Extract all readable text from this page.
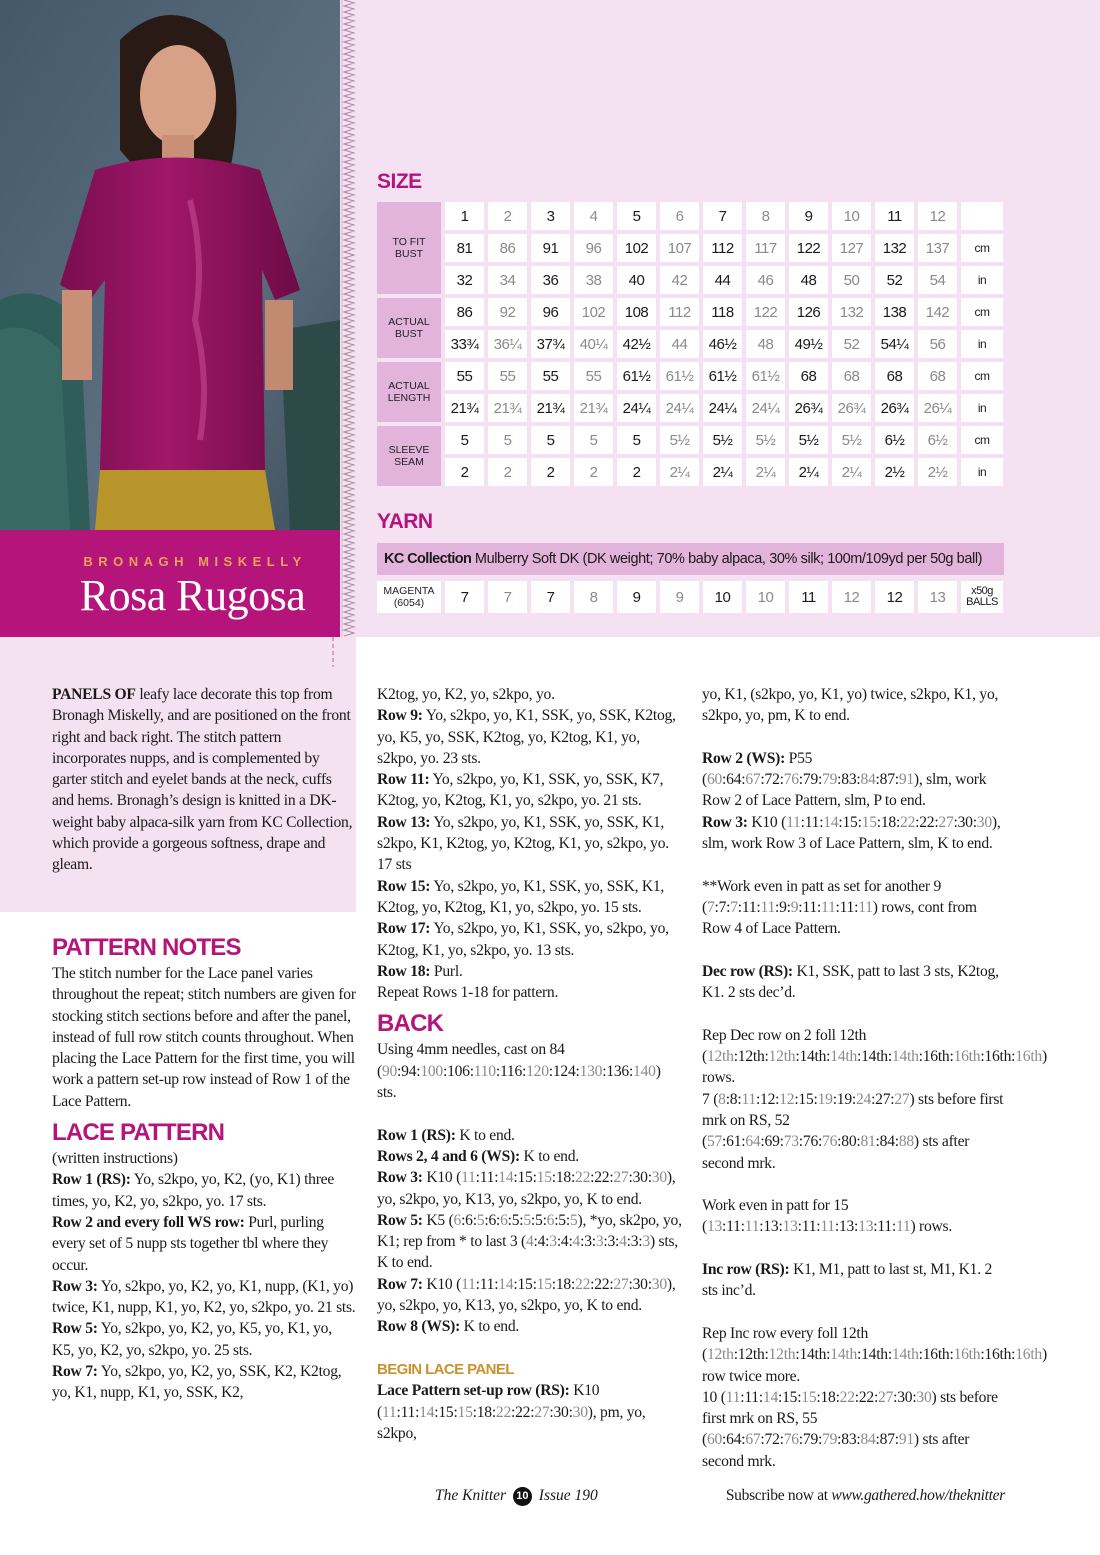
BRONAGH MISKELLY
Rosa Rugosa
SIZE
TO FIT BUST
1	2	3	4	5	6	7	8	9	10	11	12
81	86	91	96	102	107	112	117	122	127	132	137	cm
32	34	36	38	40	42	44	46	48	50	52	54	in
ACTUAL BUST
86	92	96	102	108	112	118	122	126	132	138	142	cm
33¾	36¼	37¾	40¼	42½	44	46½	48	49½	52	54¼	56	in
ACTUAL LENGTH
55	55	55	55	61½	61½	61½	61½	68	68	68	68	cm
21¾	21¾	21¾	21¾	24¼	24¼	24¼	24¼	26¾	26¾	26¾	26¼	in
SLEEVE SEAM
5	5	5	5	5	5½	5½	5½	5½	5½	6½	6½	cm
2	2	2	2	2	2¼	2¼	2¼	2¼	2¼	2½	2½	in
YARN
KC Collection Mulberry Soft DK (DK weight; 70% baby alpaca, 30% silk; 100m/109yd per 50g ball)
MAGENTA (6054)	7	7	7	8	9	9	10	10	11	12	12	13	x50g BALLS

PANELS OF leafy lace decorate this top from Bronagh Miskelly, and are positioned on the front right and back right. The stitch pattern incorporates nupps, and is complemented by garter stitch and eyelet bands at the neck, cuffs and hems. Bronagh’s design is knitted in a DK-weight baby alpaca-silk yarn from KC Collection, which provide a gorgeous softness, drape and gleam.

PATTERN NOTES

The stitch number for the Lace panel varies throughout the repeat; stitch numbers are given for stocking stitch sections before and after the panel, instead of full row stitch counts throughout. When placing the Lace Pattern for the first time, you will work a pattern set-up row instead of Row 1 of the Lace Pattern.

LACE PATTERN

(written instructions)

Row 1 (RS): Yo, s2kpo, yo, K2, (yo, K1) three times, yo, K2, yo, s2kpo, yo. 17 sts.

Row 2 and every foll WS row: Purl, purling every set of 5 nupp sts together tbl where they occur.

Row 3: Yo, s2kpo, yo, K2, yo, K1, nupp, (K1, yo) twice, K1, nupp, K1, yo, K2, yo, s2kpo, yo. 21 sts.

Row 5: Yo, s2kpo, yo, K2, yo, K5, yo, K1, yo, K5, yo, K2, yo, s2kpo, yo. 25 sts.

Row 7: Yo, s2kpo, yo, K2, yo, SSK, K2, K2tog, yo, K1, nupp, K1, yo, SSK, K2,

K2tog, yo, K2, yo, s2kpo, yo.

Row 9: Yo, s2kpo, yo, K1, SSK, yo, SSK, K2tog, yo, K5, yo, SSK, K2tog, yo, K2tog, K1, yo, s2kpo, yo. 23 sts.

Row 11: Yo, s2kpo, yo, K1, SSK, yo, SSK, K7, K2tog, yo, K2tog, K1, yo, s2kpo, yo. 21 sts.

Row 13: Yo, s2kpo, yo, K1, SSK, yo, SSK, K1, s2kpo, K1, K2tog, yo, K2tog, K1, yo, s2kpo, yo. 17 sts

Row 15: Yo, s2kpo, yo, K1, SSK, yo, SSK, K1, K2tog, yo, K2tog, K1, yo, s2kpo, yo. 15 sts.

Row 17: Yo, s2kpo, yo, K1, SSK, yo, s2kpo, yo, K2tog, K1, yo, s2kpo, yo. 13 sts.

Row 18: Purl.

Repeat Rows 1-18 for pattern.

BACK

Using 4mm needles, cast on 84 (90:94:100:106:110:116:120:124:130:136:140) sts.

Row 1 (RS): K to end.

Rows 2, 4 and 6 (WS): K to end.

Row 3: K10 (11:11:14:15:15:18:22:22:27:30:30), yo, s2kpo, yo, K13, yo, s2kpo, yo, K to end.

Row 5: K5 (6:6:5:6:6:5:5:5:6:5:5), *yo, sk2po, yo, K1; rep from * to last 3 (4:4:3:4:4:3:3:3:4:3:3) sts, K to end.

Row 7: K10 (11:11:14:15:15:18:22:22:27:30:30), yo, s2kpo, yo, K13, yo, s2kpo, yo, K to end.

Row 8 (WS): K to end.

BEGIN LACE PANEL

Lace Pattern set-up row (RS): K10 (11:11:14:15:15:18:22:22:27:30:30), pm, yo, s2kpo,

yo, K1, (s2kpo, yo, K1, yo) twice, s2kpo, K1, yo, s2kpo, yo, pm, K to end.

Row 2 (WS): P55 (60:64:67:72:76:79:79:83:84:87:91), slm, work Row 2 of Lace Pattern, slm, P to end.

Row 3: K10 (11:11:14:15:15:18:22:22:27:30:30), slm, work Row 3 of Lace Pattern, slm, K to end.

**Work even in patt as set for another 9 (7:7:7:11:11:9:9:11:11:11:11) rows, cont from Row 4 of Lace Pattern.

Dec row (RS): K1, SSK, patt to last 3 sts, K2tog, K1. 2 sts dec’d.

Rep Dec row on 2 foll 12th (12th:12th:12th:14th:14th:14th:14th:16th:16th:16th:16th) rows.

7 (8:8:11:12:12:15:19:19:24:27:27) sts before first mrk on RS, 52 (57:61:64:69:73:76:76:80:81:84:88) sts after second mrk.

Work even in patt for 15 (13:11:11:13:13:11:11:13:13:11:11) rows.

Inc row (RS): K1, M1, patt to last st, M1, K1. 2 sts inc’d.

Rep Inc row every foll 12th (12th:12th:12th:14th:14th:14th:14th:16th:16th:16th:16th) row twice more.

10 (11:11:14:15:15:18:22:22:27:30:30) sts before first mrk on RS, 55 (60:64:67:72:76:79:79:83:84:87:91) sts after second mrk.

The Knitter 10 Issue 190	Subscribe now at www.gathered.how/theknitter
